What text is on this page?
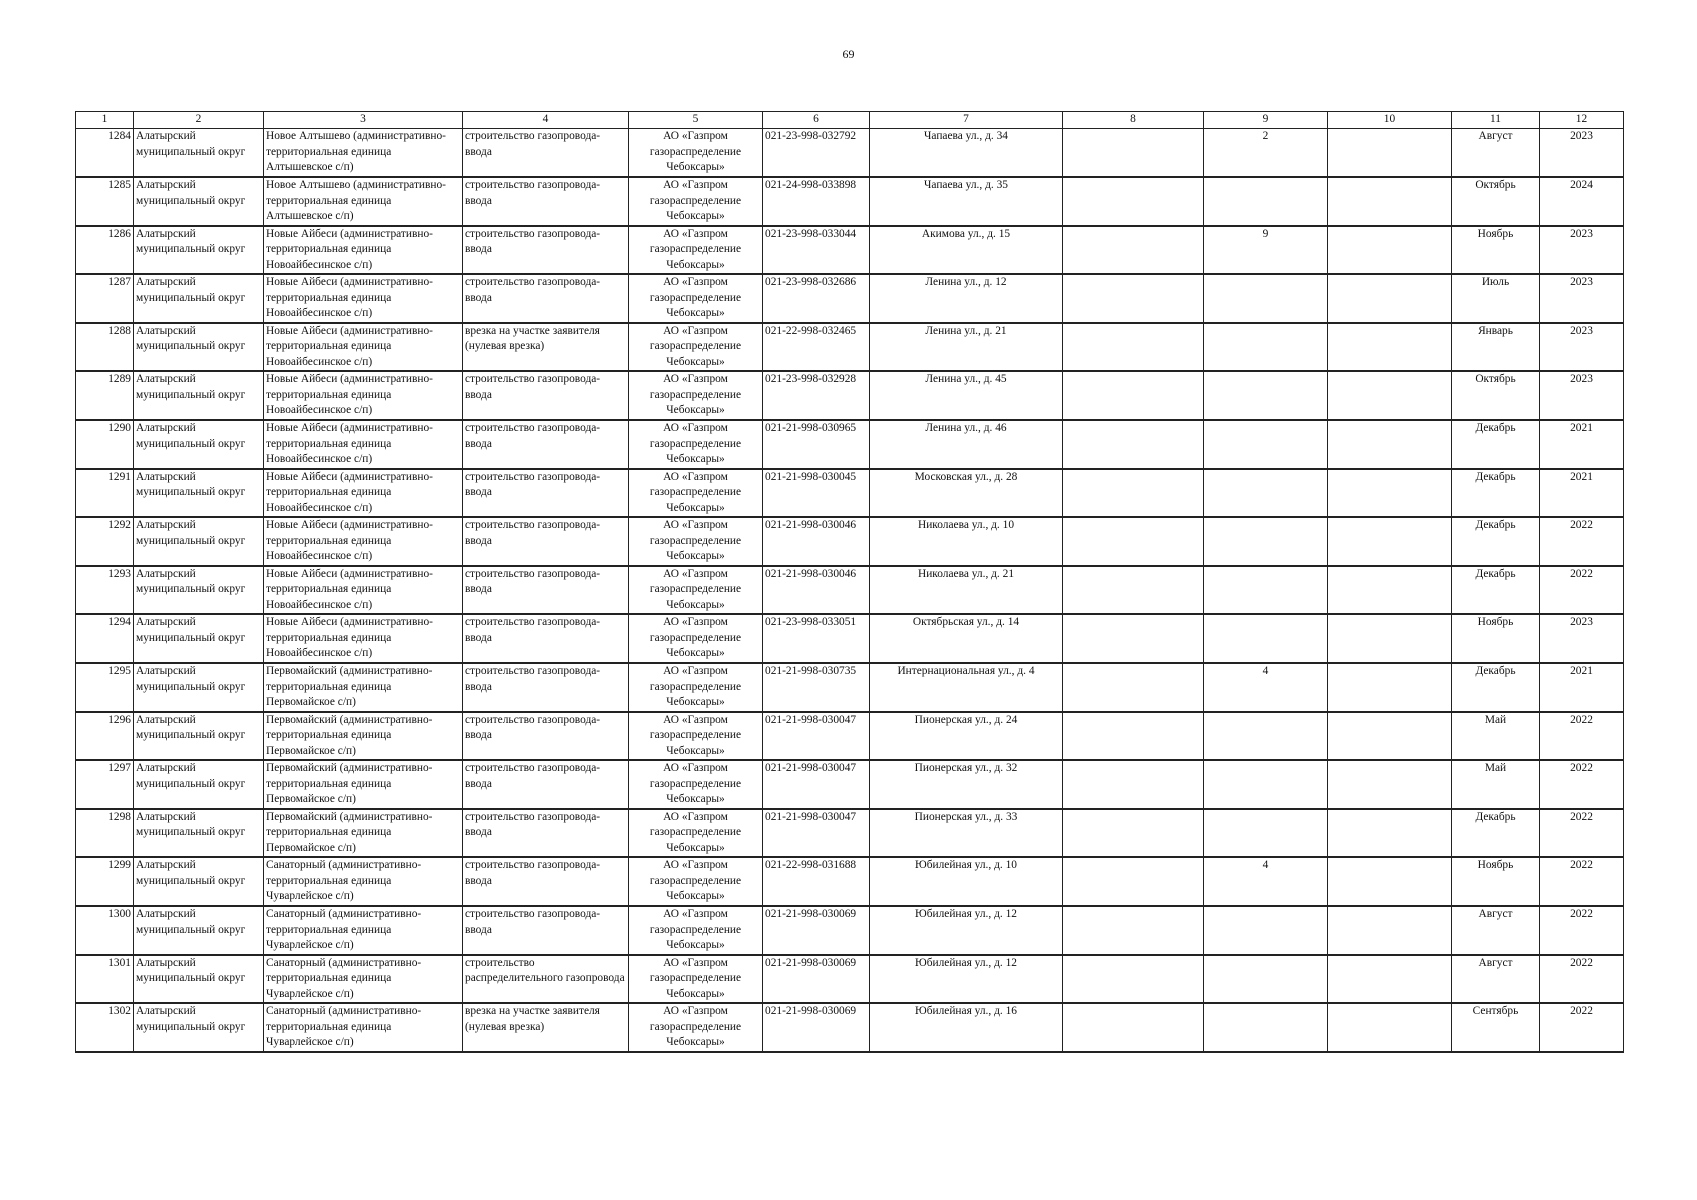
69
1	2	3	4	5	6	7	8	9	10	11	12
1284	Алатырский муниципальный округ	Новое Алтышево (административно-территориальная единица Алтышевское с/п)	строительство газопровода-ввода	АО «Газпром газораспределение Чебоксары»	021-23-998-032792	Чапаева ул., д. 34		2		Август	2023
1285	Алатырский муниципальный округ	Новое Алтышево (административно-территориальная единица Алтышевское с/п)	строительство газопровода-ввода	АО «Газпром газораспределение Чебоксары»	021-24-998-033898	Чапаева ул., д. 35				Октябрь	2024
1286	Алатырский муниципальный округ	Новые Айбеси (административно-территориальная единица Новоайбесинское с/п)	строительство газопровода-ввода	АО «Газпром газораспределение Чебоксары»	021-23-998-033044	Акимова ул., д. 15		9		Ноябрь	2023
1287	Алатырский муниципальный округ	Новые Айбеси (административно-территориальная единица Новоайбесинское с/п)	строительство газопровода-ввода	АО «Газпром газораспределение Чебоксары»	021-23-998-032686	Ленина ул., д. 12				Июль	2023
1288	Алатырский муниципальный округ	Новые Айбеси (административно-территориальная единица Новоайбесинское с/п)	врезка на участке заявителя (нулевая врезка)	АО «Газпром газораспределение Чебоксары»	021-22-998-032465	Ленина ул., д. 21				Январь	2023
1289	Алатырский муниципальный округ	Новые Айбеси (административно-территориальная единица Новоайбесинское с/п)	строительство газопровода-ввода	АО «Газпром газораспределение Чебоксары»	021-23-998-032928	Ленина ул., д. 45				Октябрь	2023
1290	Алатырский муниципальный округ	Новые Айбеси (административно-территориальная единица Новоайбесинское с/п)	строительство газопровода-ввода	АО «Газпром газораспределение Чебоксары»	021-21-998-030965	Ленина ул., д. 46				Декабрь	2021
1291	Алатырский муниципальный округ	Новые Айбеси (административно-территориальная единица Новоайбесинское с/п)	строительство газопровода-ввода	АО «Газпром газораспределение Чебоксары»	021-21-998-030045	Московская ул., д. 28				Декабрь	2021
1292	Алатырский муниципальный округ	Новые Айбеси (административно-территориальная единица Новоайбесинское с/п)	строительство газопровода-ввода	АО «Газпром газораспределение Чебоксары»	021-21-998-030046	Николаева ул., д. 10				Декабрь	2022
1293	Алатырский муниципальный округ	Новые Айбеси (административно-территориальная единица Новоайбесинское с/п)	строительство газопровода-ввода	АО «Газпром газораспределение Чебоксары»	021-21-998-030046	Николаева ул., д. 21				Декабрь	2022
1294	Алатырский муниципальный округ	Новые Айбеси (административно-территориальная единица Новоайбесинское с/п)	строительство газопровода-ввода	АО «Газпром газораспределение Чебоксары»	021-23-998-033051	Октябрьская ул., д. 14				Ноябрь	2023
1295	Алатырский муниципальный округ	Первомайский (административно-территориальная единица Первомайское с/п)	строительство газопровода-ввода	АО «Газпром газораспределение Чебоксары»	021-21-998-030735	Интернациональная ул., д. 4		4		Декабрь	2021
1296	Алатырский муниципальный округ	Первомайский (административно-территориальная единица Первомайское с/п)	строительство газопровода-ввода	АО «Газпром газораспределение Чебоксары»	021-21-998-030047	Пионерская ул., д. 24				Май	2022
1297	Алатырский муниципальный округ	Первомайский (административно-территориальная единица Первомайское с/п)	строительство газопровода-ввода	АО «Газпром газораспределение Чебоксары»	021-21-998-030047	Пионерская ул., д. 32				Май	2022
1298	Алатырский муниципальный округ	Первомайский (административно-территориальная единица Первомайское с/п)	строительство газопровода-ввода	АО «Газпром газораспределение Чебоксары»	021-21-998-030047	Пионерская ул., д. 33				Декабрь	2022
1299	Алатырский муниципальный округ	Санаторный (административно-территориальная единица Чуварлейское с/п)	строительство газопровода-ввода	АО «Газпром газораспределение Чебоксары»	021-22-998-031688	Юбилейная ул., д. 10		4		Ноябрь	2022
1300	Алатырский муниципальный округ	Санаторный (административно-территориальная единица Чуварлейское с/п)	строительство газопровода-ввода	АО «Газпром газораспределение Чебоксары»	021-21-998-030069	Юбилейная ул., д. 12				Август	2022
1301	Алатырский муниципальный округ	Санаторный (административно-территориальная единица Чуварлейское с/п)	строительство распределительного газопровода	АО «Газпром газораспределение Чебоксары»	021-21-998-030069	Юбилейная ул., д. 12				Август	2022
1302	Алатырский муниципальный округ	Санаторный (административно-территориальная единица Чуварлейское с/п)	врезка на участке заявителя (нулевая врезка)	АО «Газпром газораспределение Чебоксары»	021-21-998-030069	Юбилейная ул., д. 16				Сентябрь	2022
